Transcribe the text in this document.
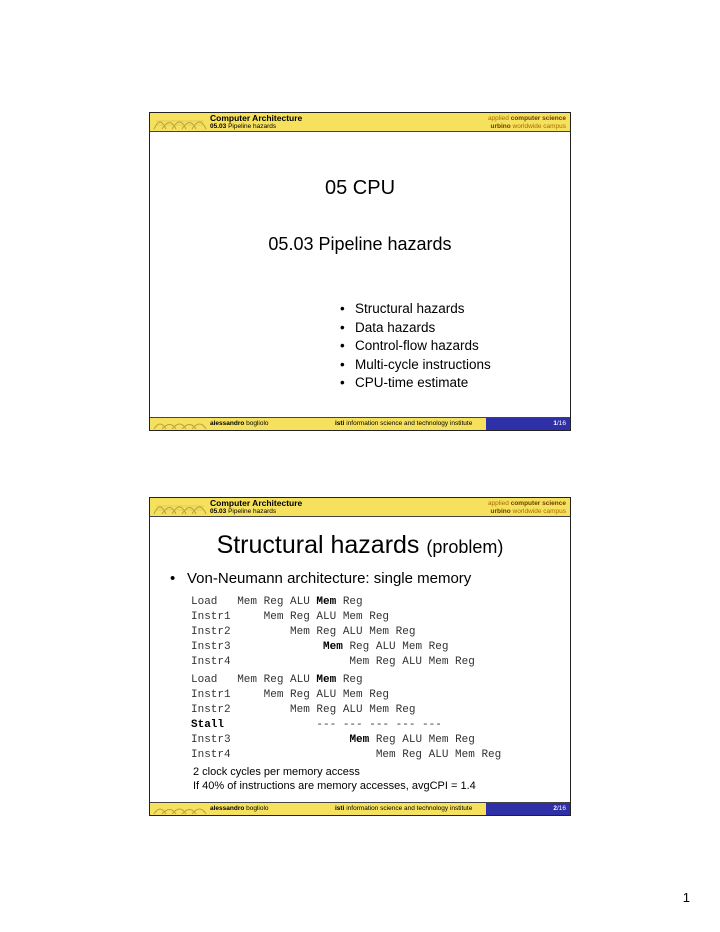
Computer Architecture
05.03 Pipeline hazards
applied computer science
urbino worldwide campus
05 CPU
05.03 Pipeline hazards
• Structural hazards
• Data hazards
• Control-flow hazards
• Multi-cycle instructions
• CPU-time estimate
alessandro bogliolo	isti information science and technology institute	1/16
Computer Architecture
05.03 Pipeline hazards
applied computer science
urbino worldwide campus
Structural hazards (problem)
• Von-Neumann architecture: single memory
Load   Mem Reg ALU Mem Reg
Instr1     Mem Reg ALU Mem Reg
Instr2         Mem Reg ALU Mem Reg
Instr3              Mem Reg ALU Mem Reg
Instr4                  Mem Reg ALU Mem Reg
Load   Mem Reg ALU Mem Reg
Instr1     Mem Reg ALU Mem Reg
Instr2         Mem Reg ALU Mem Reg
Stall              --- --- --- --- ---
Instr3                  Mem Reg ALU Mem Reg
Instr4                      Mem Reg ALU Mem Reg
2 clock cycles per memory access
If 40% of instructions are memory accesses, avgCPI = 1.4
alessandro bogliolo	isti information science and technology institute	2/16
1
